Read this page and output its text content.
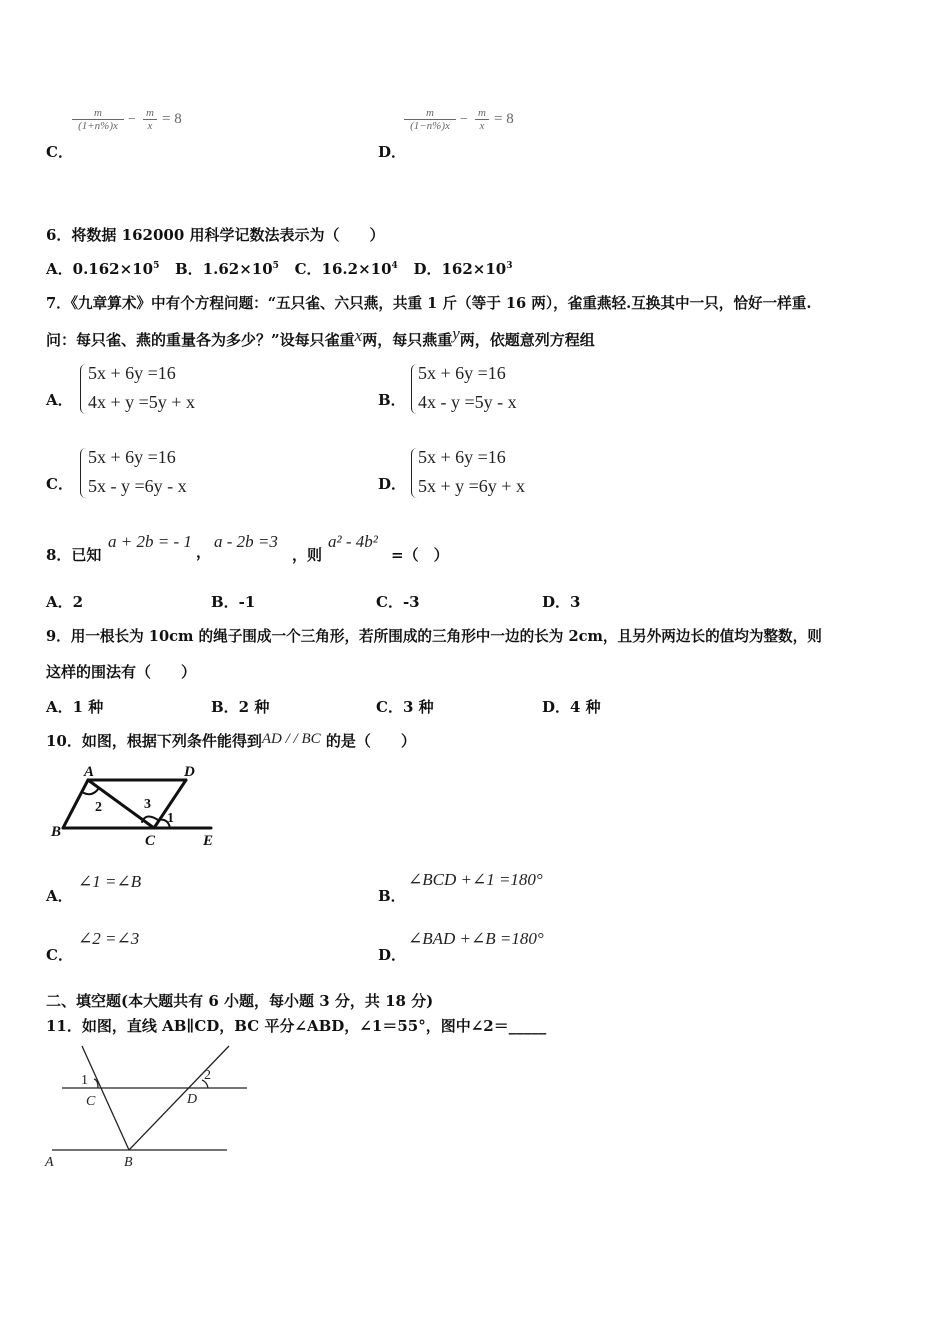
$\frac{m}{(1+n\%)x} - \frac{m}{x} = 8$
C．
$\frac{m}{(1-n\%)x} - \frac{m}{x} = 8$
D．
6．将数据 162000 用科学记数法表示为（　　）
A．$0.162\times 10^5$ B．$1.62\times 10^5$ C．$16.2\times 10^4$ D．$162\times 10^3$
7．《九章算术》中有个方程问题：“五只雀、六只燕，共重 1 斤（等于 16 两），雀重燕轻.互换其中一只，恰好一样重.
问：每只雀、燕的重量各为多少？”设每只雀重x两，每只燕重y两，依题意列方程组
A．
5x + 6y =16
4x + y =5y + x	B．
5x + 6y =16
4x - y =5y - x
C．
5x + 6y =16
5x - y =6y - x	D．
5x + 6y =16
5x + y =6y + x
8．已知
a + 2b = - 1
，
a - 2b =3
，则
a² - 4b²
=（　）
A．2	B．-1	C．-3	D．3
9．用一根长为 10cm 的绳子围成一个三角形，若所围成的三角形中一边的长为 2cm，且另外两边长的值均为整数，则
这样的围法有（　　）
A．1 种	B．2 种	C．3 种	D．4 种
10．如图，根据下列条件能得到AD / / BC 的是（　　）
A	D
B
C	E
2	3
1
A．
∠1 =∠B
B．
∠BCD +∠1 =180°
C．
∠2 =∠3
D．
∠BAD +∠B =180°
二、填空题(本大题共有 6 小题，每小题 3 分，共 18 分)
11．如图，直线 AB∥CD，BC 平分∠ABD，∠1＝55°，图中∠2＝_____
1	2
C	D
A	B
